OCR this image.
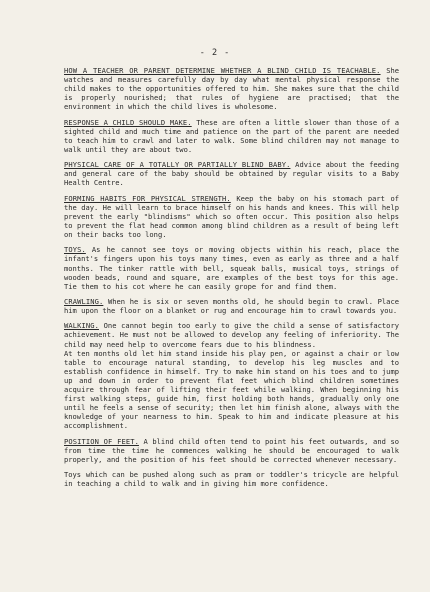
- 2 -

HOW A TEACHER OR PARENT DETERMINE WHETHER A BLIND CHILD IS TEACHABLE. She watches and measures carefully day by day what mental physical response the child makes to the opportunities offered to him. She makes sure that the child is properly nourished; that rules of hygiene are practised; that the environment in which the child lives is wholesome.

RESPONSE A CHILD SHOULD MAKE. These are often a little slower than those of a sighted child and much time and patience on the part of the parent are needed to teach him to crawl and later to walk. Some blind children may not manage to walk until they are about two.

PHYSICAL CARE OF A TOTALLY OR PARTIALLY BLIND BABY. Advice about the feeding and general care of the baby should be obtained by regular visits to a Baby Health Centre.

FORMING HABITS FOR PHYSICAL STRENGTH. Keep the baby on his stomach part of the day. He will learn to brace himself on his hands and knees. This will help prevent the early "blindisms" which so often occur. This position also helps to prevent the flat head common among blind children as a result of being left on their backs too long.

TOYS. As he cannot see toys or moving objects within his reach, place the infant's fingers upon his toys many times, even as early as three and a half months. The tinker rattle with bell, squeak balls, musical toys, strings of wooden beads, round and square, are examples of the best toys for this age. Tie them to his cot where he can easily grope for and find them.

CRAWLING. When he is six or seven months old, he should begin to crawl. Place him upon the floor on a blanket or rug and encourage him to crawl towards you.

WALKING. One cannot begin too early to give the child a sense of satisfactory achievement. He must not be allowed to develop any feeling of inferiority. The child may need help to overcome fears due to his blindness.

At ten months old let him stand inside his play pen, or against a chair or low table to encourage natural standing, to develop his leg muscles and to establish confidence in himself. Try to make him stand on his toes and to jump up and down in order to prevent flat feet which blind children sometimes acquire through fear of lifting their feet while walking. When beginning his first walking steps, guide him, first holding both hands, gradually only one until he feels a sense of security; then let him finish alone, always with the knowledge of your nearness to him. Speak to him and indicate pleasure at his accomplishment.

POSITION OF FEET. A blind child often tend to point his feet outwards, and so from time the time he commences walking he should be encouraged to walk properly, and the position of his feet should be corrected whenever necessary.

Toys which can be pushed along such as pram or toddler's tricycle are helpful in teaching a child to walk and in giving him more confidence.
